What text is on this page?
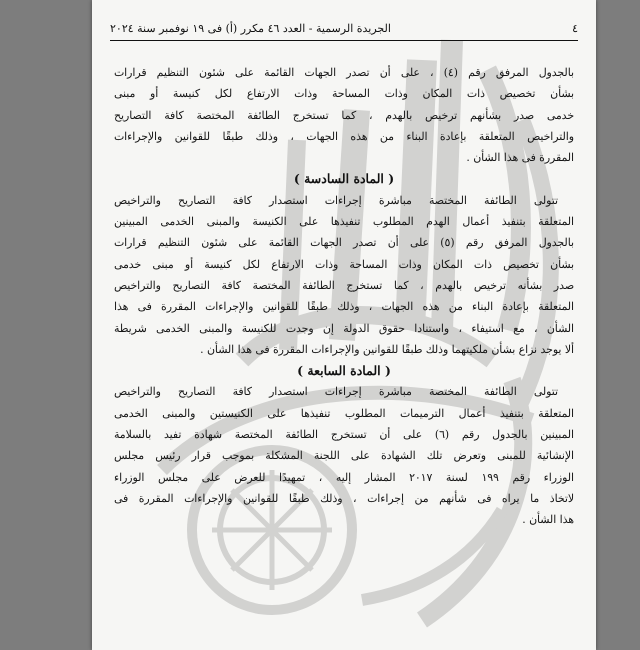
٤
الجريدة الرسمية - العدد ٤٦ مكرر (أ) فى ١٩ نوفمبر سنة ٢٠٢٤
بالجدول المرفق رقم (٤) ، على أن تصدر الجهات القائمة على شئون التنظيم قرارات
بشأن تخصيص ذات المكان وذات المساحة وذات الارتفاع لكل كنيسة أو مبنى
خدمى صدر بشأنهم ترخيص بالهدم ، كما تستخرج الطائفة المختصة كافة التصاريح
والتراخيص المتعلقة بإعادة البناء من هذه الجهات ، وذلك طبقًا للقوانين والإجراءات
المقررة فى هذا الشأن .
( المادة السادسة )
تتولى الطائفة المختصة مباشرة إجراءات استصدار كافة التصاريح والتراخيص
المتعلقة بتنفيذ أعمال الهدم المطلوب تنفيذها على الكنيسة والمبنى الخدمى المبينين
بالجدول المرفق رقم (٥) على أن تصدر الجهات القائمة على شئون التنظيم قرارات
بشأن تخصيص ذات المكان وذات المساحة وذات الارتفاع لكل كنيسة أو مبنى خدمى
صدر بشأنه ترخيص بالهدم ، كما تستخرج الطائفة المختصة كافة التصاريح والتراخيص
المتعلقة بإعادة البناء من هذه الجهات ، وذلك طبقًا للقوانين والإجراءات المقررة فى هذا
الشأن ، مع استيفاء ، واستنادا حقوق الدولة إن وجدت للكنيسة والمبنى الخدمى شريطة
ألا يوجد نزاع بشأن ملكيتهما وذلك طبقًا للقوانين والإجراءات المقررة فى هذا الشأن .
( المادة السابعة )
تتولى الطائفة المختصة مباشرة إجراءات استصدار كافة التصاريح والتراخيص
المتعلقة بتنفيذ أعمال الترميمات المطلوب تنفيذها على الكنيستين والمبنى الخدمى
المبينين بالجدول رقم (٦) على أن تستخرج الطائفة المختصة شهادة تفيد بالسلامة
الإنشائية للمبنى وتعرض تلك الشهادة على اللجنة المشكلة بموجب قرار رئيس مجلس
الوزراء رقم ١٩٩ لسنة ٢٠١٧ المشار إليه ، تمهيدًا للعرض على مجلس الوزراء
لاتخاذ ما يراه فى شأنهم من إجراءات ، وذلك طبقًا للقوانين والإجراءات المقررة فى
هذا الشأن .
